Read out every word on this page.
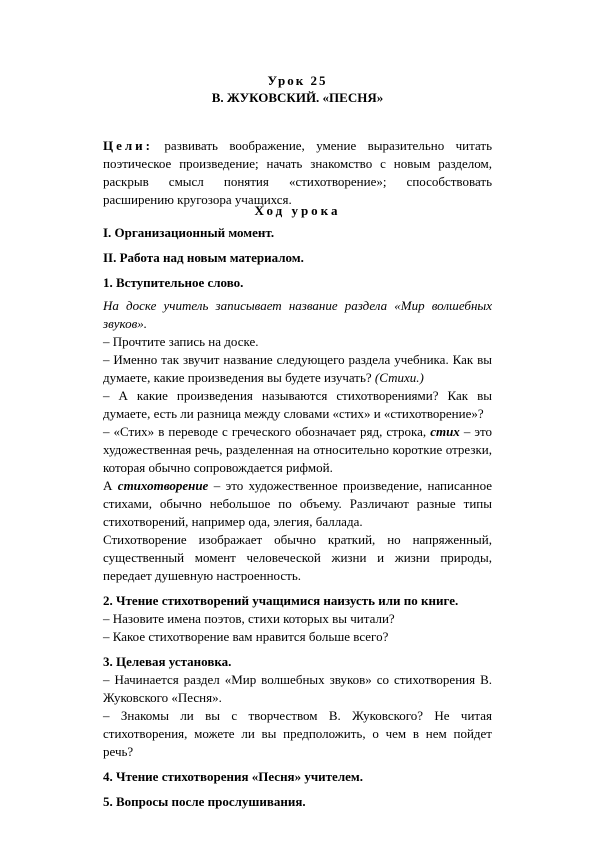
Урок 25
В. ЖУКОВСКИЙ. «ПЕСНЯ»

Цели: развивать воображение, умение выразительно читать поэтическое произведение; начать знакомство с новым разделом, раскрыв смысл понятия «стихотворение»; способствовать расширению кругозора учащихся.

Ход урока

I. Организационный момент.

II. Работа над новым материалом.

1. Вступительное слово.

На доске учитель записывает название раздела «Мир волшебных звуков».

– Прочтите запись на доске.

– Именно так звучит название следующего раздела учебника. Как вы думаете, какие произведения вы будете изучать? (Стихи.)

– А какие произведения называются стихотворениями? Как вы думаете, есть ли разница между словами «стих» и «стихотворение»?

– «Стих» в переводе с греческого обозначает ряд, строка, стих – это художественная речь, разделенная на относительно короткие отрезки, которая обычно сопровождается рифмой.

А стихотворение – это художественное произведение, написанное стихами, обычно небольшое по объему. Различают разные типы стихотворений, например ода, элегия, баллада.

Стихотворение изображает обычно краткий, но напряженный, существенный момент человеческой жизни и жизни природы, передает душевную настроенность.

2. Чтение стихотворений учащимися наизусть или по книге.

– Назовите имена поэтов, стихи которых вы читали?

– Какое стихотворение вам нравится больше всего?

3. Целевая установка.

– Начинается раздел «Мир волшебных звуков» со стихотворения В. Жуковского «Песня».

– Знакомы ли вы с творчеством В. Жуковского? Не читая стихотворения, можете ли вы предположить, о чем в нем пойдет речь?

4. Чтение стихотворения «Песня» учителем.

5. Вопросы после прослушивания.
